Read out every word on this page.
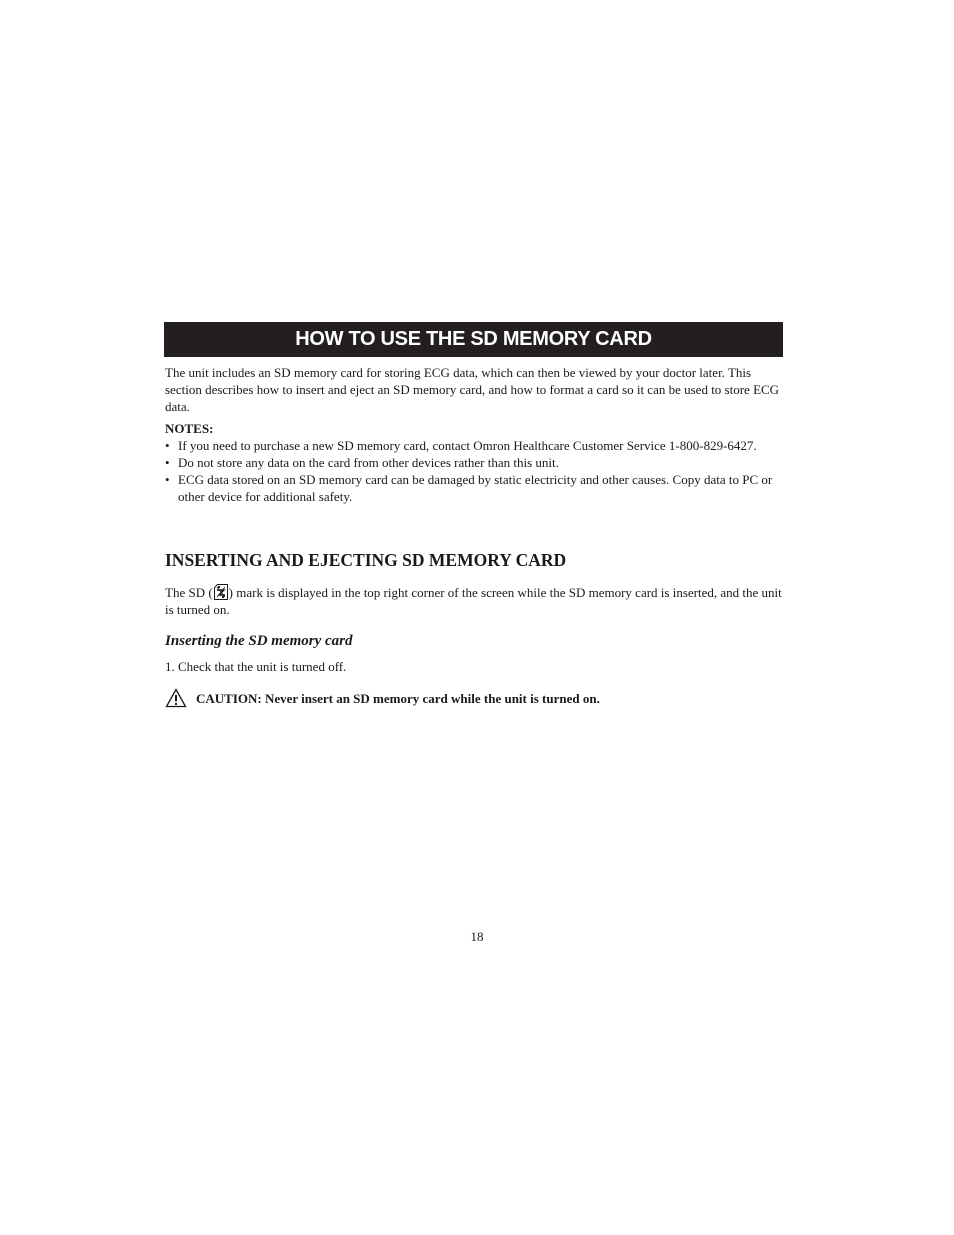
HOW TO USE THE SD MEMORY CARD

The unit includes an SD memory card for storing ECG data, which can then be viewed by your doctor later. This section describes how to insert and eject an SD memory card, and how to format a card so it can be used to store ECG data.

NOTES:
• If you need to purchase a new SD memory card, contact Omron Healthcare Customer Service 1-800-829-6427.
• Do not store any data on the card from other devices rather than this unit.
• ECG data stored on an SD memory card can be damaged by static electricity and other causes. Copy data to PC or other device for additional safety.
INSERTING AND EJECTING SD MEMORY CARD

The SD ( ) mark is displayed in the top right corner of the screen while the SD memory card is inserted, and the unit is turned on.

Inserting the SD memory card

1. Check that the unit is turned off.

CAUTION: Never insert an SD memory card while the unit is turned on.
18
